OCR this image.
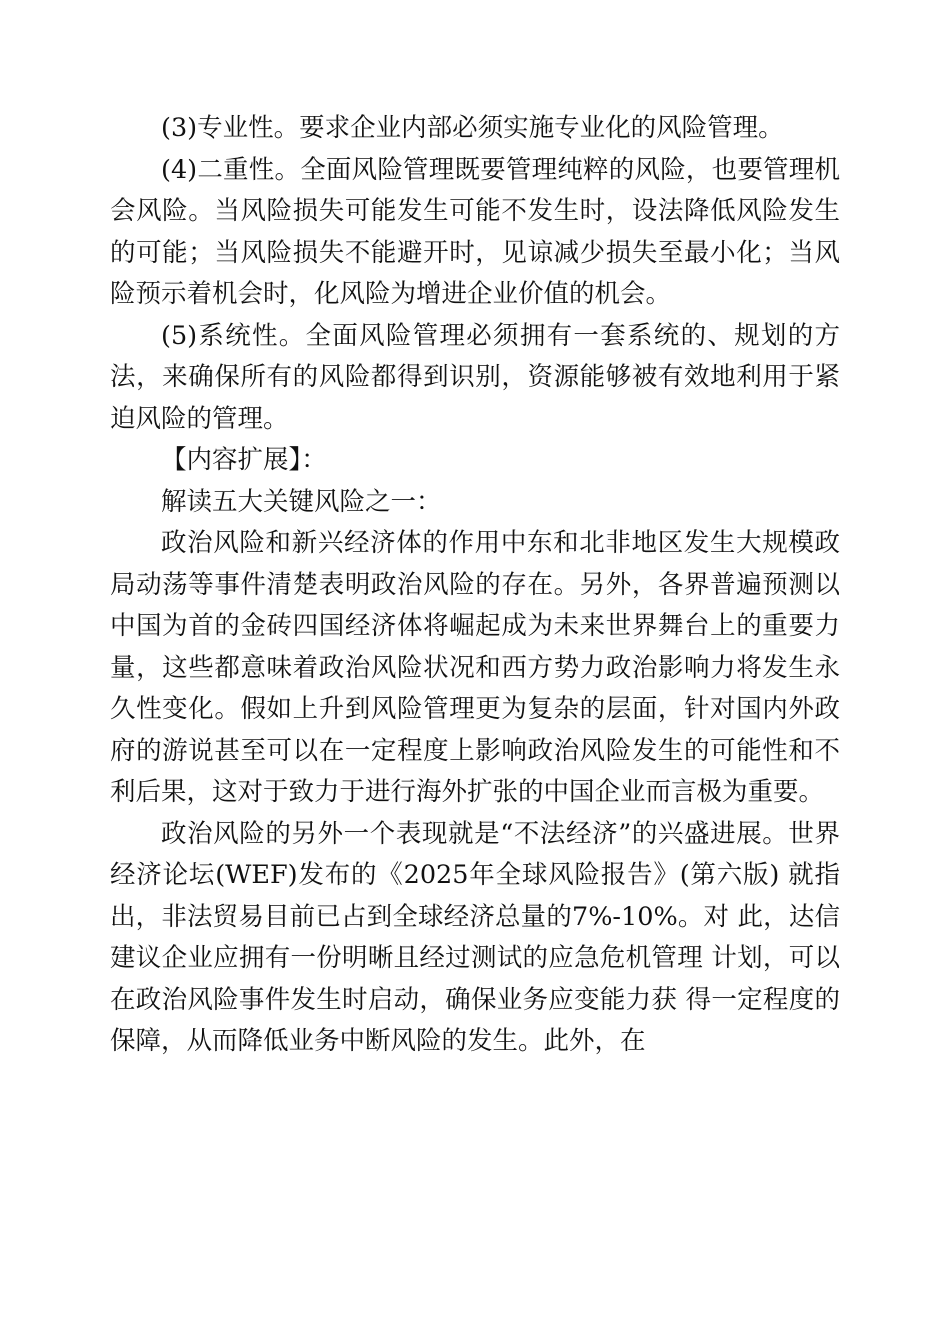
(3)专业性。要求企业内部必须实施专业化的风险管理。

(4)二重性。全面风险管理既要管理纯粹的风险，也要管理机会风险。当风险损失可能发生可能不发生时，设法降低风险发生的可能；当风险损失不能避开时，见谅减少损失至最小化；当风险预示着机会时，化风险为增进企业价值的机会。

(5)系统性。全面风险管理必须拥有一套系统的、规划的方法，来确保所有的风险都得到识别，资源能够被有效地利用于紧迫风险的管理。

【内容扩展】：

解读五大关键风险之一：

政治风险和新兴经济体的作用中东和北非地区发生大规模政局动荡等事件清楚表明政治风险的存在。另外，各界普遍预测以中国为首的金砖四国经济体将崛起成为未来世界舞台上的重要力量，这些都意味着政治风险状况和西方势力政治影响力将发生永久性变化。假如上升到风险管理更为复杂的层面，针对国内外政府的游说甚至可以在一定程度上影响政治风险发生的可能性和不利后果，这对于致力于进行海外扩张的中国企业而言极为重要。

政治风险的另外一个表现就是“不法经济”的兴盛进展。世界经济论坛(WEF)发布的《2025年全球风险报告》(第六版) 就指出，非法贸易目前已占到全球经济总量的7%-10%。对 此，达信建议企业应拥有一份明晰且经过测试的应急危机管理 计划，可以在政治风险事件发生时启动，确保业务应变能力获 得一定程度的保障，从而降低业务中断风险的发生。此外，在
